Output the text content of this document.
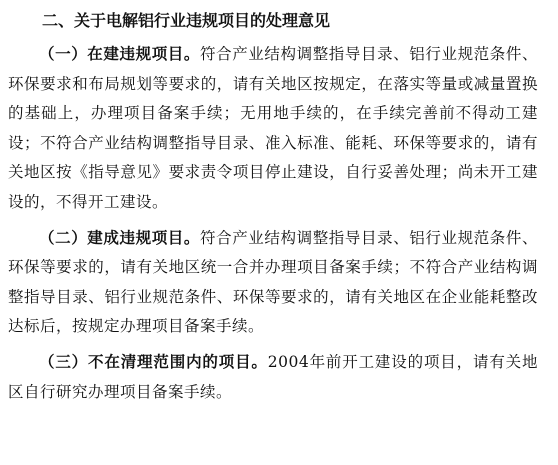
二、关于电解铝行业违规项目的处理意见

（一）在建违规项目。符合产业结构调整指导目录、铝行业规范条件、环保要求和布局规划等要求的，请有关地区按规定，在落实等量或减量置换的基础上，办理项目备案手续；无用地手续的，在手续完善前不得动工建设；不符合产业结构调整指导目录、准入标准、能耗、环保等要求的，请有关地区按《指导意见》要求责令项目停止建设，自行妥善处理；尚未开工建设的，不得开工建设。

（二）建成违规项目。符合产业结构调整指导目录、铝行业规范条件、环保等要求的，请有关地区统一合并办理项目备案手续；不符合产业结构调整指导目录、铝行业规范条件、环保等要求的，请有关地区在企业能耗整改达标后，按规定办理项目备案手续。

（三）不在清理范围内的项目。2004年前开工建设的项目，请有关地区自行研究办理项目备案手续。
